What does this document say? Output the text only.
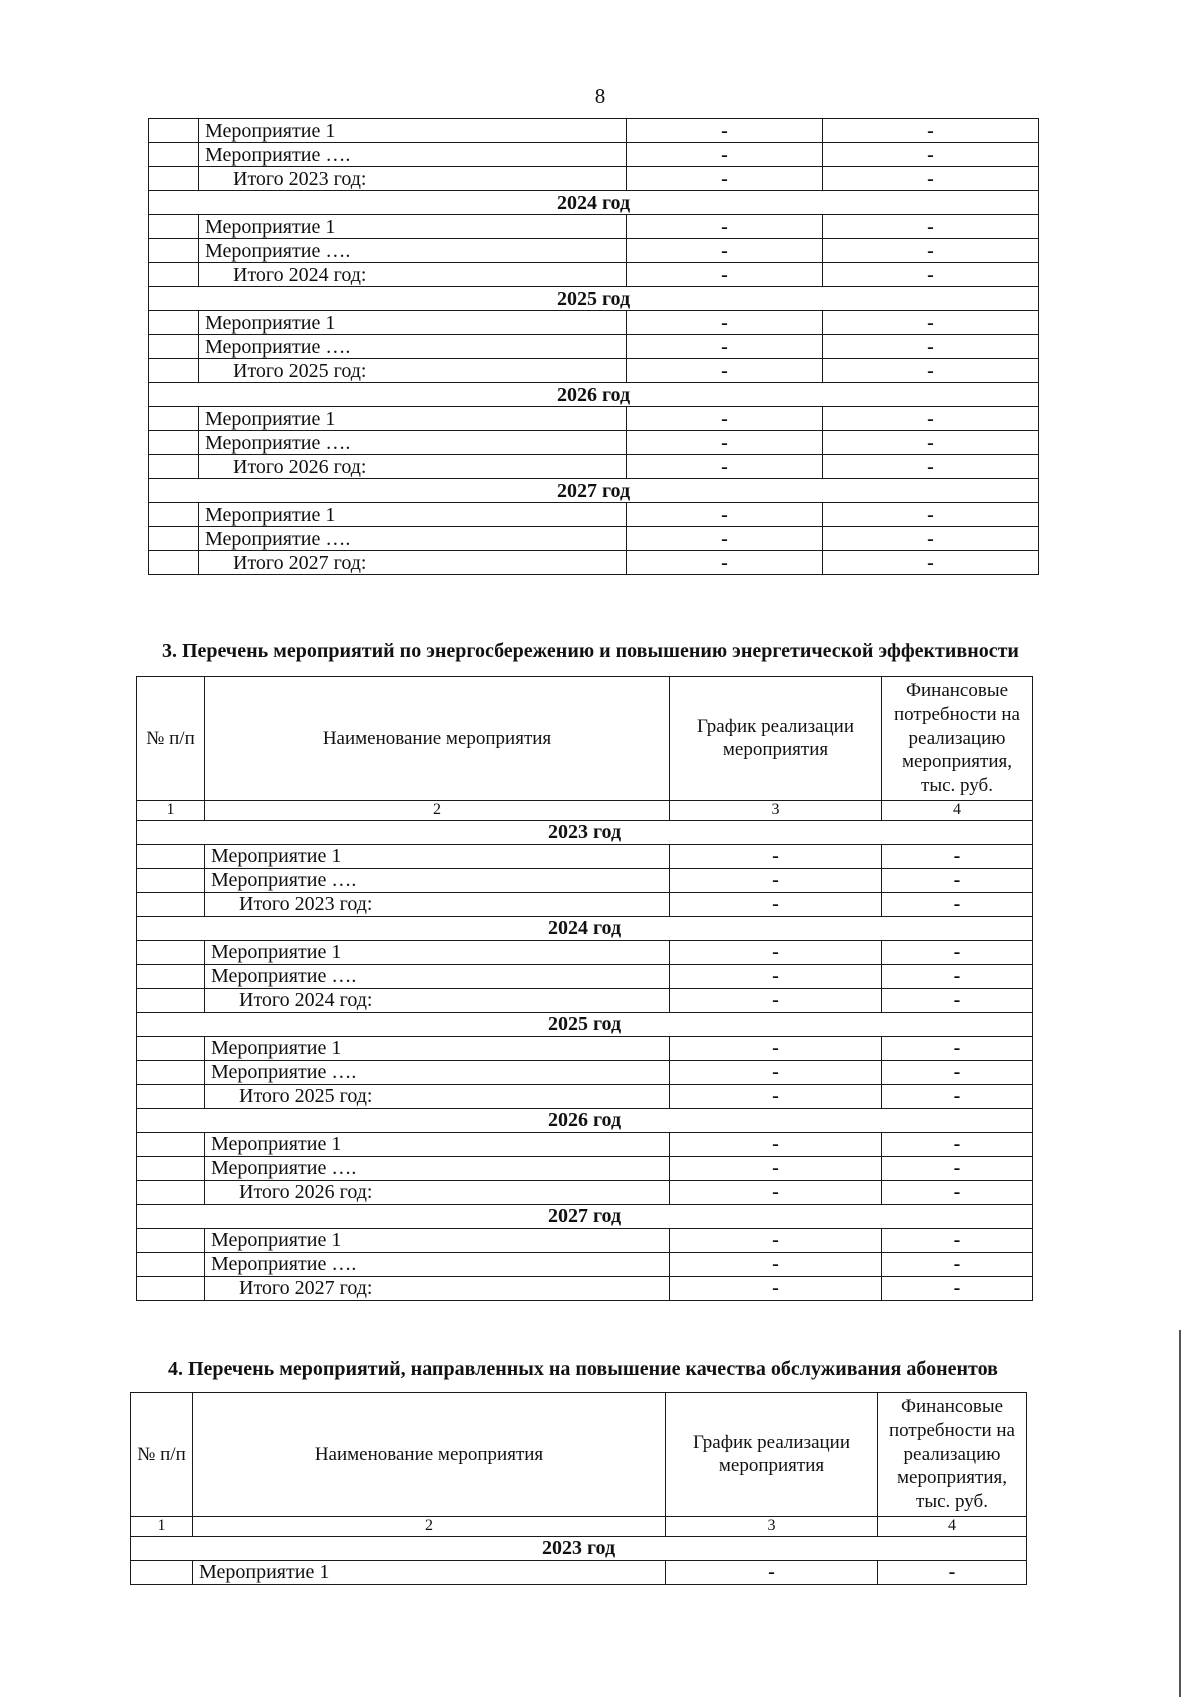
8
	Мероприятие 1	-	-
	Мероприятие ….	-	-
	Итого 2023 год:	-	-
2024 год			
	Мероприятие 1	-	-
	Мероприятие ….	-	-
	Итого 2024 год:	-	-
2025 год			
	Мероприятие 1	-	-
	Мероприятие ….	-	-
	Итого 2025 год:	-	-
2026 год			
	Мероприятие 1	-	-
	Мероприятие ….	-	-
	Итого 2026 год:	-	-
2027 год			
	Мероприятие 1	-	-
	Мероприятие ….	-	-
	Итого 2027 год:	-	-
3. Перечень мероприятий по энергосбережению и повышению энергетической эффективности
№ п/п	Наименование мероприятия	График реализации мероприятия	Финансовые потребности на реализацию мероприятия, тыс. руб.
1	2	3	4
2023 год			
	Мероприятие 1	-	-
	Мероприятие ….	-	-
	Итого 2023 год:	-	-
2024 год			
	Мероприятие 1	-	-
	Мероприятие ….	-	-
	Итого 2024 год:	-	-
2025 год			
	Мероприятие 1	-	-
	Мероприятие ….	-	-
	Итого 2025 год:	-	-
2026 год			
	Мероприятие 1	-	-
	Мероприятие ….	-	-
	Итого 2026 год:	-	-
2027 год			
	Мероприятие 1	-	-
	Мероприятие ….	-	-
	Итого 2027 год:	-	-
4. Перечень мероприятий, направленных на повышение качества обслуживания абонентов
№ п/п	Наименование мероприятия	График реализации мероприятия	Финансовые потребности на реализацию мероприятия, тыс. руб.
1	2	3	4
2023 год			
	Мероприятие 1	-	-
